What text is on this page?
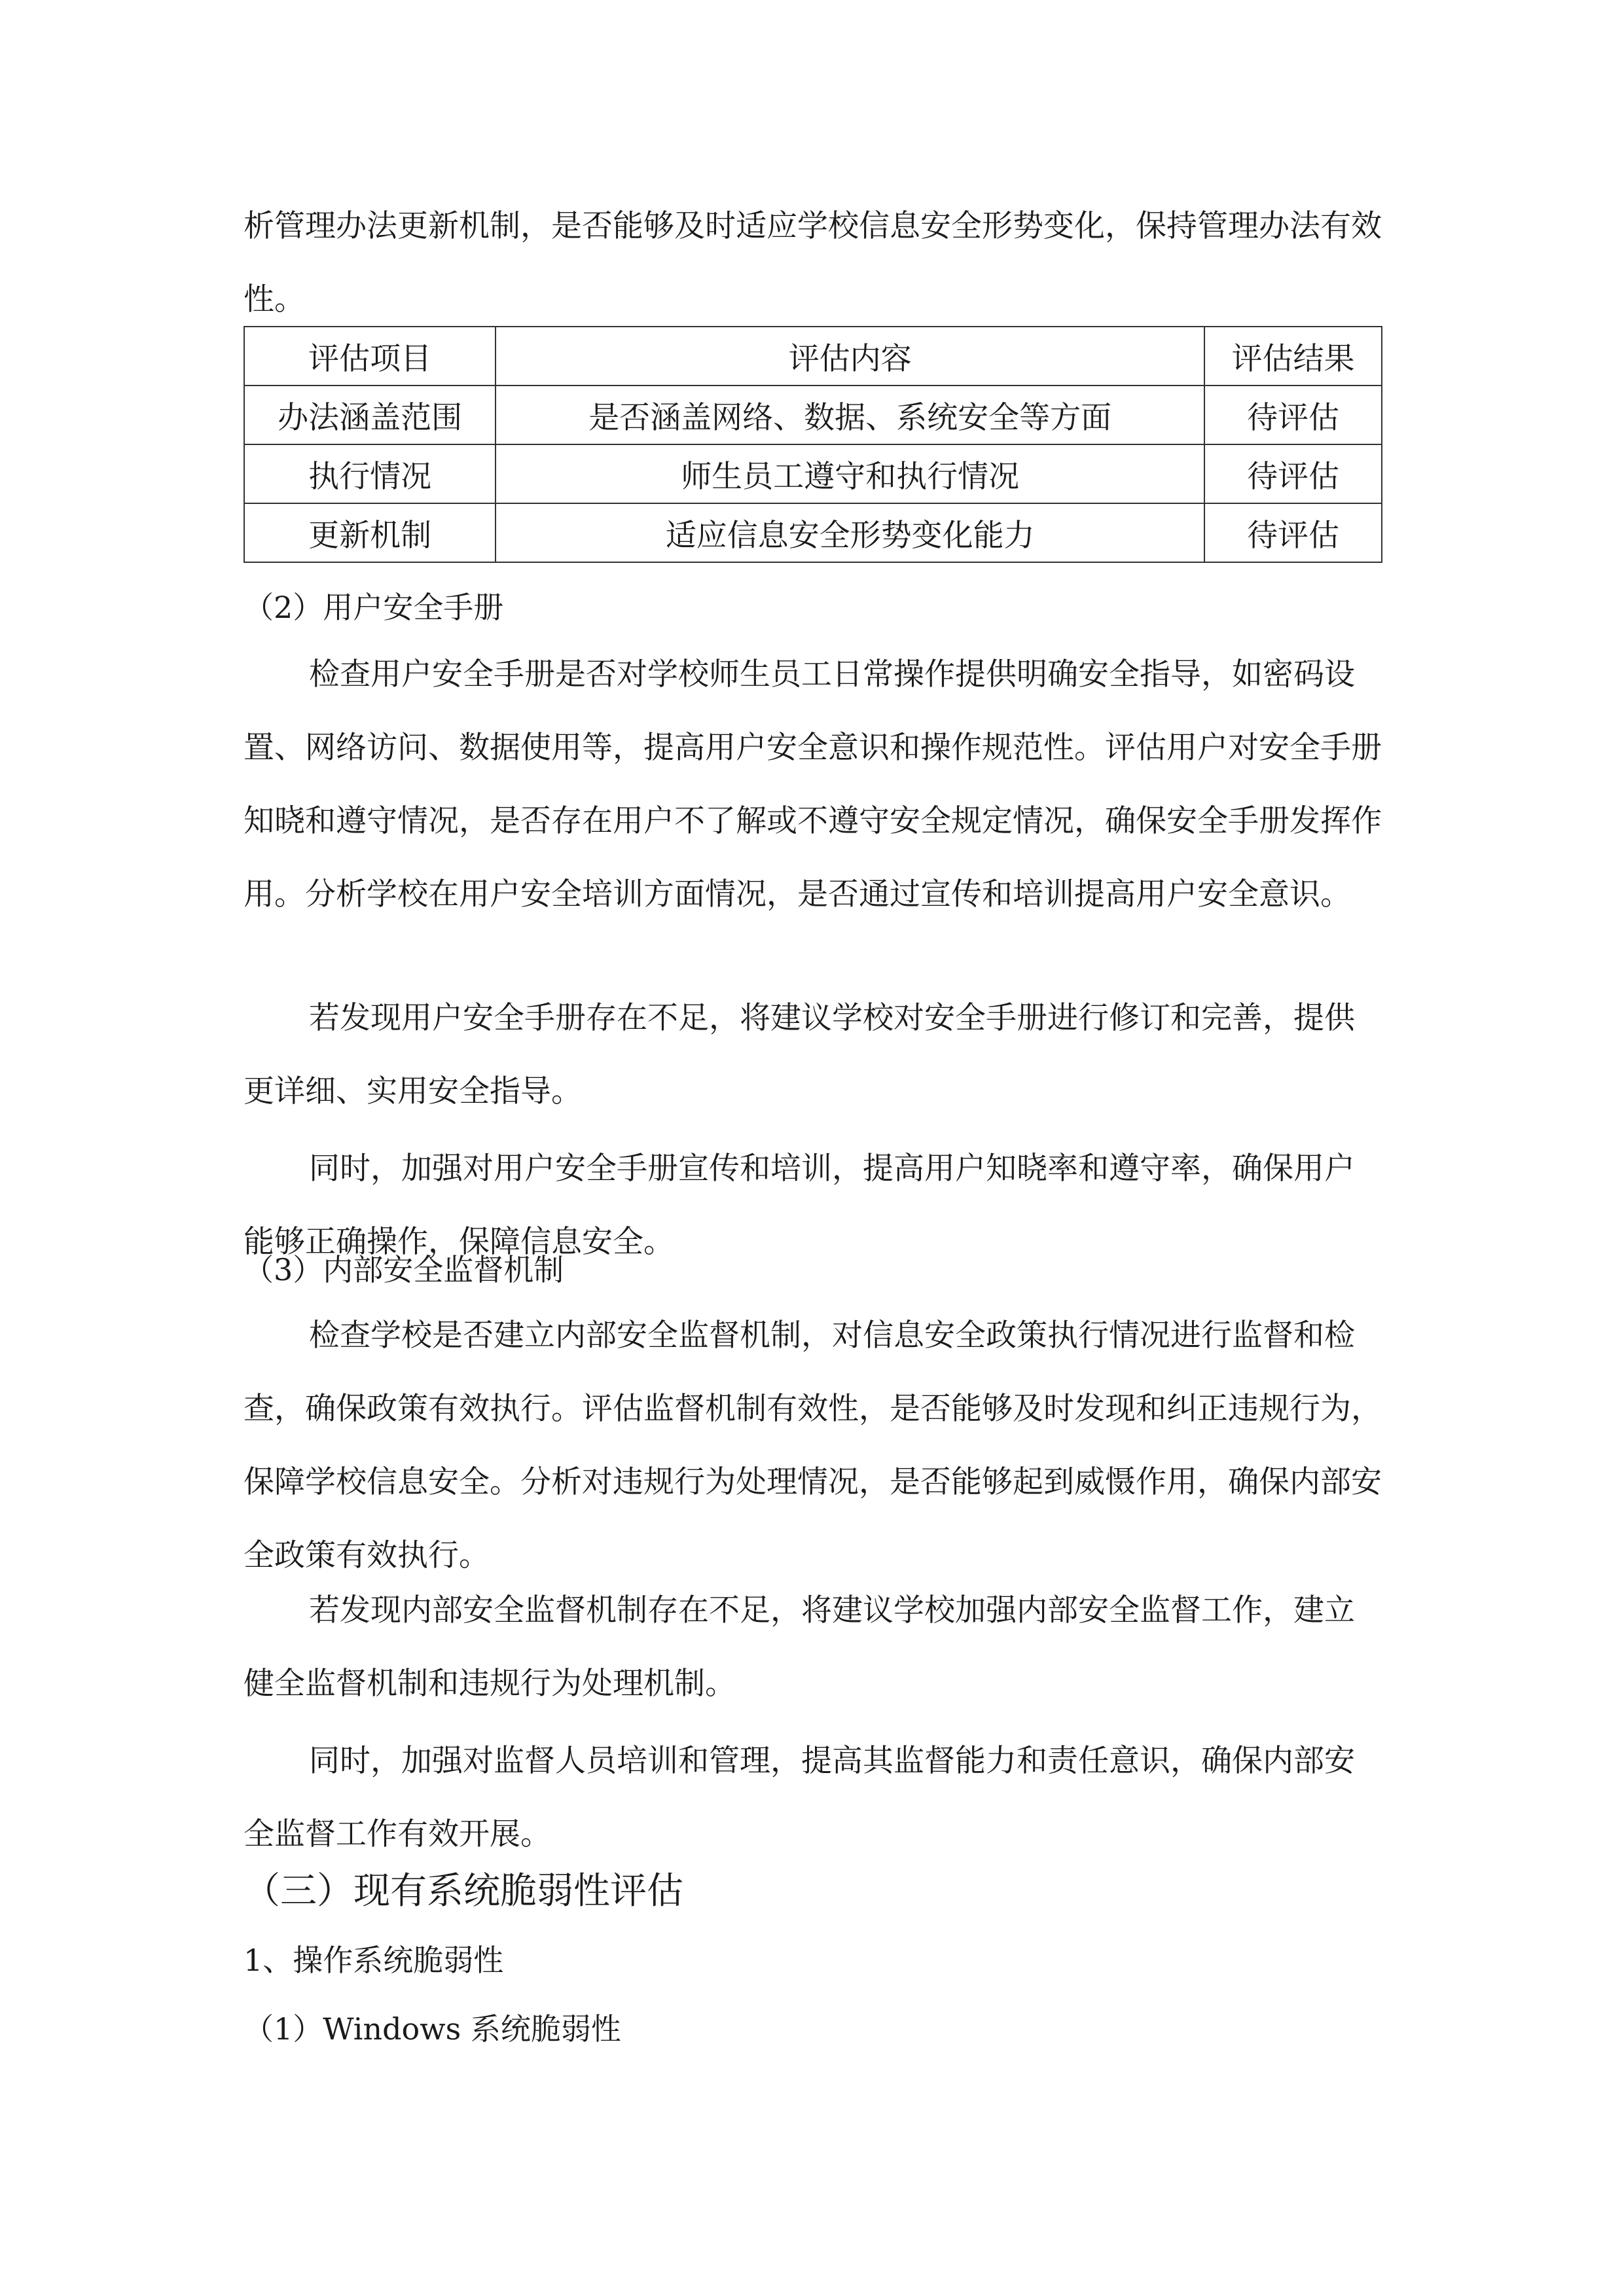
析管理办法更新机制，是否能够及时适应学校信息安全形势变化，保持管理办法有效性。

评估项目	评估内容	评估结果
办法涵盖范围	是否涵盖网络、数据、系统安全等方面	待评估
执行情况	师生员工遵守和执行情况	待评估
更新机制	适应信息安全形势变化能力	待评估

（2）用户安全手册

检查用户安全手册是否对学校师生员工日常操作提供明确安全指导，如密码设置、网络访问、数据使用等，提高用户安全意识和操作规范性。评估用户对安全手册知晓和遵守情况，是否存在用户不了解或不遵守安全规定情况，确保安全手册发挥作用。分析学校在用户安全培训方面情况，是否通过宣传和培训提高用户安全意识。

若发现用户安全手册存在不足，将建议学校对安全手册进行修订和完善，提供更详细、实用安全指导。

同时，加强对用户安全手册宣传和培训，提高用户知晓率和遵守率，确保用户能够正确操作，保障信息安全。

（3）内部安全监督机制

检查学校是否建立内部安全监督机制，对信息安全政策执行情况进行监督和检查，确保政策有效执行。评估监督机制有效性，是否能够及时发现和纠正违规行为，保障学校信息安全。分析对违规行为处理情况，是否能够起到威慑作用，确保内部安全政策有效执行。

若发现内部安全监督机制存在不足，将建议学校加强内部安全监督工作，建立健全监督机制和违规行为处理机制。

同时，加强对监督人员培训和管理，提高其监督能力和责任意识，确保内部安全监督工作有效开展。

（三）现有系统脆弱性评估

1、操作系统脆弱性

（1）Windows 系统脆弱性
